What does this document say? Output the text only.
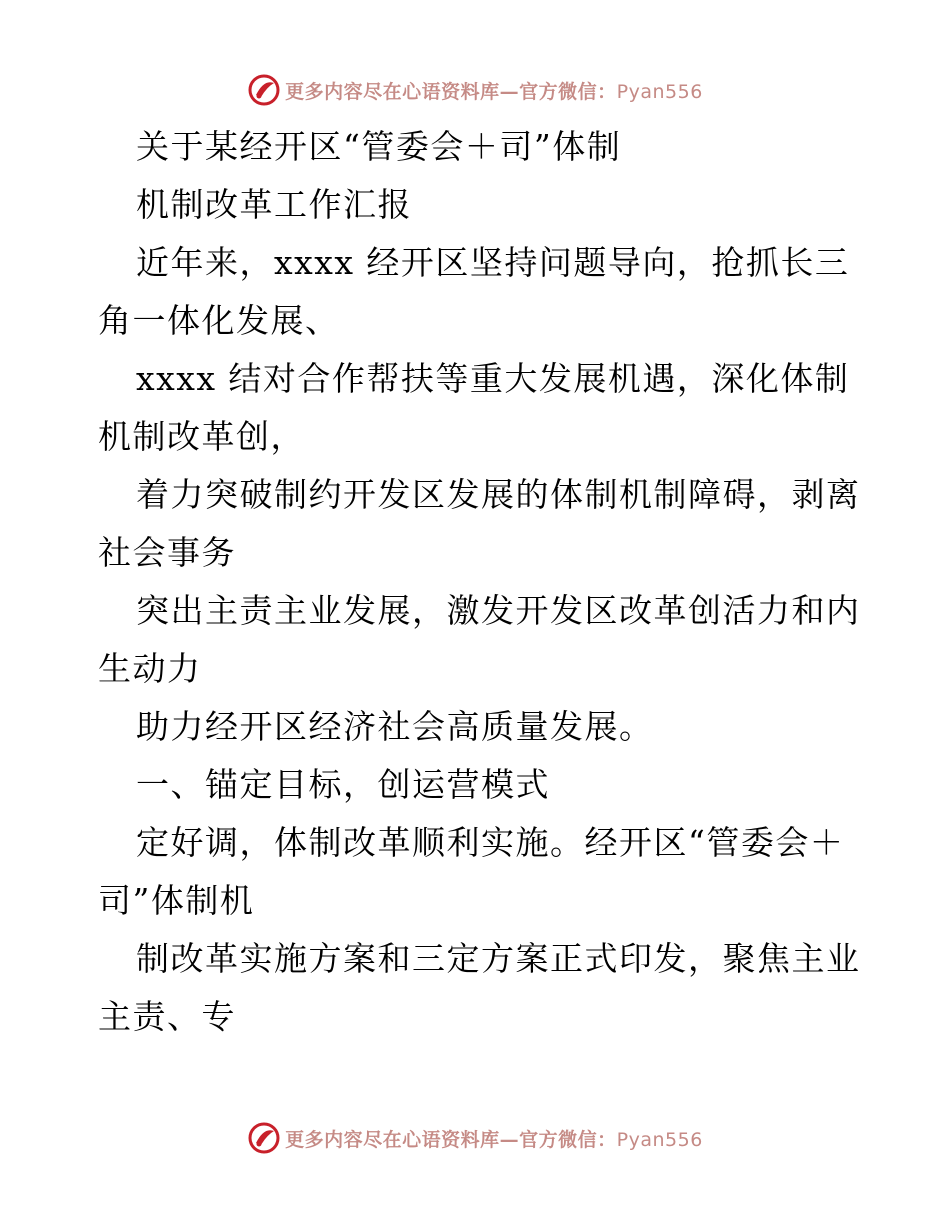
更多内容尽在心语资料库—官方微信：Pyan556
关于某经开区“管委会＋司”体制
机制改革工作汇报
近年来，xxxx 经开区坚持问题导向，抢抓长三
角一体化发展、
xxxx 结对合作帮扶等重大发展机遇，深化体制
机制改革创，
着力突破制约开发区发展的体制机制障碍，剥离
社会事务
突出主责主业发展，激发开发区改革创活力和内
生动力
助力经开区经济社会高质量发展。
一、锚定目标，创运营模式
定好调，体制改革顺利实施。经开区“管委会＋
司”体制机
制改革实施方案和三定方案正式印发，聚焦主业
主责、专
更多内容尽在心语资料库—官方微信：Pyan556
